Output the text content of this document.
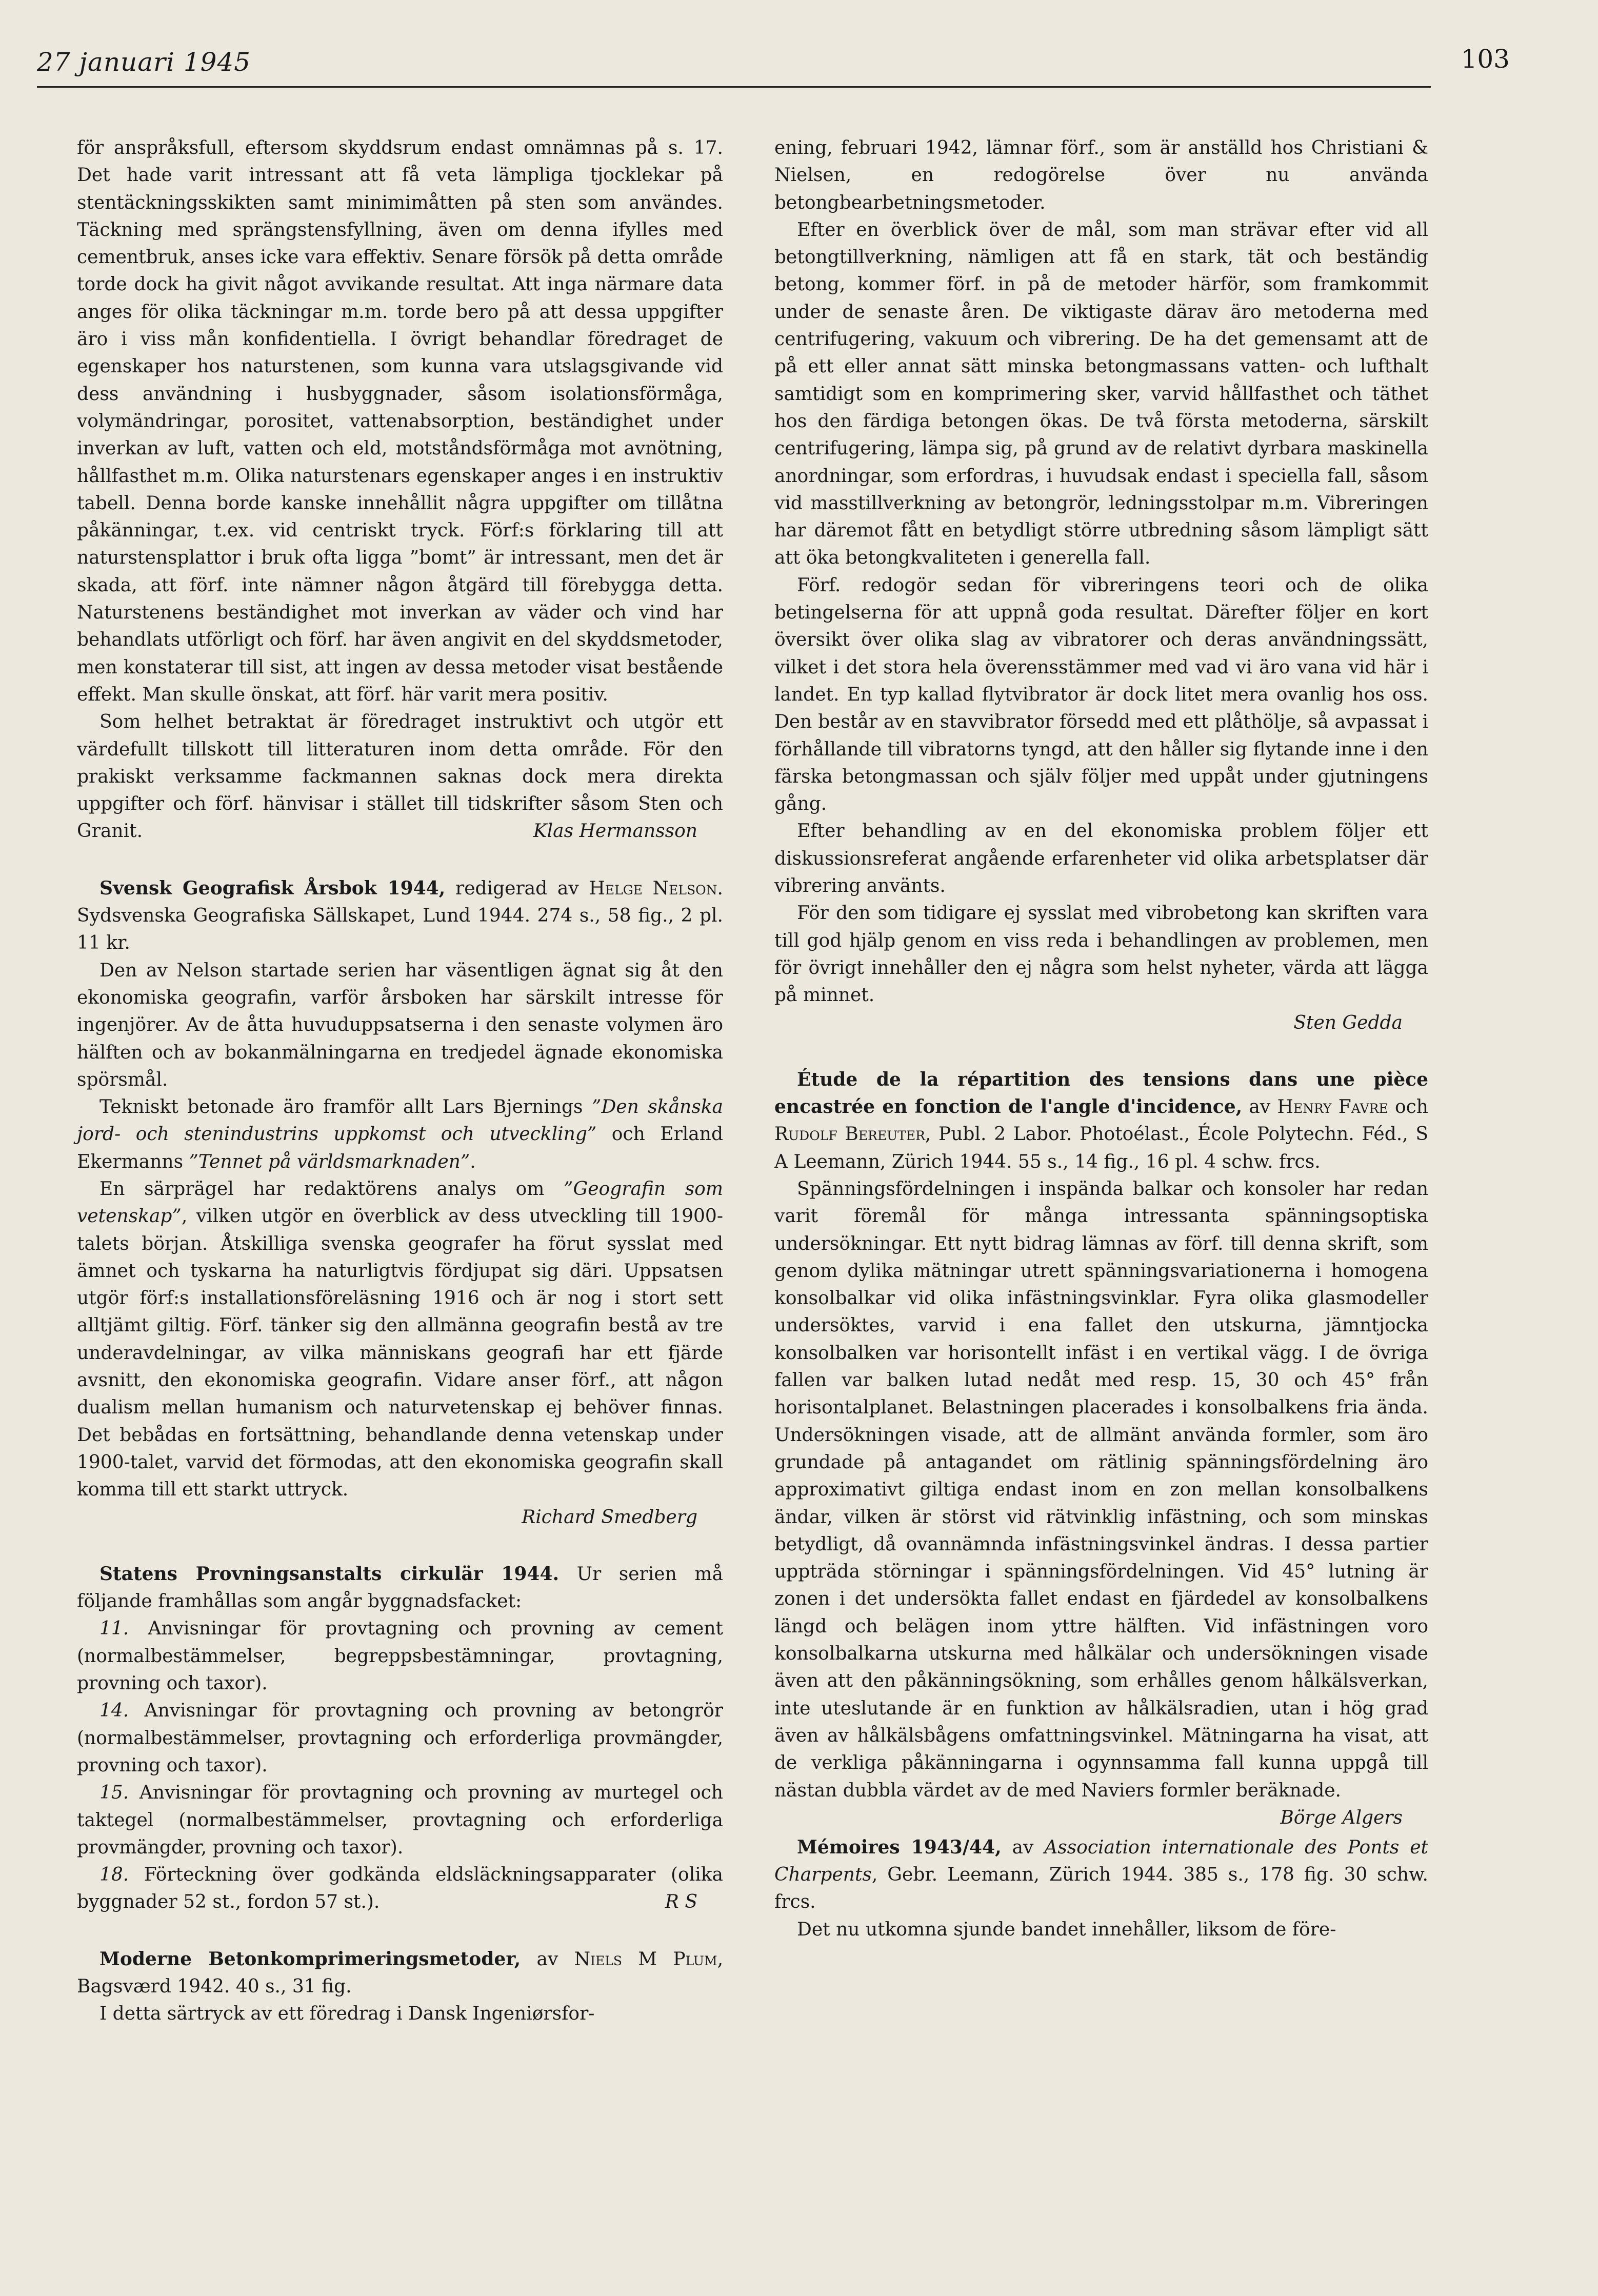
27 januari 1945	103

för anspråksfull, eftersom skyddsrum endast omnämnas på s. 17. Det hade varit intressant att få veta lämpliga tjocklekar på stentäckningsskikten samt minimimåtten på sten som användes. Täckning med sprängstensfyllning, även om denna ifylles med cementbruk, anses icke vara effektiv. Senare försök på detta område torde dock ha givit något avvikande resultat. Att inga närmare data anges för olika täckningar m.m. torde bero på att dessa uppgifter äro i viss mån konfidentiella. I övrigt behandlar föredraget de egenskaper hos naturstenen, som kunna vara utslagsgivande vid dess användning i husbyggnader, såsom isolationsförmåga, volymändringar, porositet, vattenabsorption, beständighet under inverkan av luft, vatten och eld, motståndsförmåga mot avnötning, hållfasthet m.m. Olika naturstenars egenskaper anges i en instruktiv tabell. Denna borde kanske innehållit några uppgifter om tillåtna påkänningar, t.ex. vid centriskt tryck. Förf:s förklaring till att naturstensplattor i bruk ofta ligga ”bomt” är intressant, men det är skada, att förf. inte nämner någon åtgärd till förebygga detta. Naturstenens beständighet mot inverkan av väder och vind har behandlats utförligt och förf. har även angivit en del skyddsmetoder, men konstaterar till sist, att ingen av dessa metoder visat bestående effekt. Man skulle önskat, att förf. här varit mera positiv.

Som helhet betraktat är föredraget instruktivt och utgör ett värdefullt tillskott till litteraturen inom detta område. För den prakiskt verksamme fackmannen saknas dock mera direkta uppgifter och förf. hänvisar i stället till tidskrifter såsom Sten och Granit.	Klas Hermansson

Svensk Geografisk Årsbok 1944, redigerad av Helge Nelson. Sydsvenska Geografiska Sällskapet, Lund 1944. 274 s., 58 fig., 2 pl. 11 kr.

Den av Nelson startade serien har väsentligen ägnat sig åt den ekonomiska geografin, varför årsboken har särskilt intresse för ingenjörer. Av de åtta huvuduppsatserna i den senaste volymen äro hälften och av bokanmälningarna en tredjedel ägnade ekonomiska spörsmål.

Tekniskt betonade äro framför allt Lars Bjernings ”Den skånska jord- och stenindustrins uppkomst och utveckling” och Erland Ekermanns ”Tennet på världsmarknaden”.

En särprägel har redaktörens analys om ”Geografin som vetenskap”, vilken utgör en överblick av dess utveckling till 1900-talets början. Åtskilliga svenska geografer ha förut sysslat med ämnet och tyskarna ha naturligtvis fördjupat sig däri. Uppsatsen utgör förf:s installationsföreläsning 1916 och är nog i stort sett alltjämt giltig. Förf. tänker sig den allmänna geografin bestå av tre underavdelningar, av vilka människans geografi har ett fjärde avsnitt, den ekonomiska geografin. Vidare anser förf., att någon dualism mellan humanism och naturvetenskap ej behöver finnas. Det bebådas en fortsättning, behandlande denna vetenskap under 1900-talet, varvid det förmodas, att den ekonomiska geografin skall komma till ett starkt uttryck.

Richard Smedberg

Statens Provningsanstalts cirkulär 1944. Ur serien må följande framhållas som angår byggnadsfacket:

11. Anvisningar för provtagning och provning av cement (normalbestämmelser, begreppsbestämningar, provtagning, provning och taxor).

14. Anvisningar för provtagning och provning av betongrör (normalbestämmelser, provtagning och erforderliga provmängder, provning och taxor).

15. Anvisningar för provtagning och provning av murtegel och taktegel (normalbestämmelser, provtagning och erforderliga provmängder, provning och taxor).

18. Förteckning över godkända eldsläckningsapparater (olika byggnader 52 st., fordon 57 st.).	R S

Moderne Betonkomprimeringsmetoder, av Niels M Plum, Bagsværd 1942. 40 s., 31 fig.

I detta särtryck av ett föredrag i Dansk Ingeniørsfor-

ening, februari 1942, lämnar förf., som är anställd hos Christiani & Nielsen, en redogörelse över nu använda betongbearbetningsmetoder.

Efter en överblick över de mål, som man strävar efter vid all betongtillverkning, nämligen att få en stark, tät och beständig betong, kommer förf. in på de metoder härför, som framkommit under de senaste åren. De viktigaste därav äro metoderna med centrifugering, vakuum och vibrering. De ha det gemensamt att de på ett eller annat sätt minska betongmassans vatten- och lufthalt samtidigt som en komprimering sker, varvid hållfasthet och täthet hos den färdiga betongen ökas. De två första metoderna, särskilt centrifugering, lämpa sig, på grund av de relativt dyrbara maskinella anordningar, som erfordras, i huvudsak endast i speciella fall, såsom vid masstillverkning av betongrör, ledningsstolpar m.m. Vibreringen har däremot fått en betydligt större utbredning såsom lämpligt sätt att öka betongkvaliteten i generella fall.

Förf. redogör sedan för vibreringens teori och de olika betingelserna för att uppnå goda resultat. Därefter följer en kort översikt över olika slag av vibratorer och deras användningssätt, vilket i det stora hela överensstämmer med vad vi äro vana vid här i landet. En typ kallad flytvibrator är dock litet mera ovanlig hos oss. Den består av en stavvibrator försedd med ett plåthölje, så avpassat i förhållande till vibratorns tyngd, att den håller sig flytande inne i den färska betongmassan och själv följer med uppåt under gjutningens gång.

Efter behandling av en del ekonomiska problem följer ett diskussionsreferat angående erfarenheter vid olika arbetsplatser där vibrering använts.

För den som tidigare ej sysslat med vibrobetong kan skriften vara till god hjälp genom en viss reda i behandlingen av problemen, men för övrigt innehåller den ej några som helst nyheter, värda att lägga på minnet.

Sten Gedda

Étude de la répartition des tensions dans une pièce encastrée en fonction de l'angle d'incidence, av Henry Favre och Rudolf Bereuter, Publ. 2 Labor. Photoélast., École Polytechn. Féd., S A Leemann, Zürich 1944. 55 s., 14 fig., 16 pl. 4 schw. frcs.

Spänningsfördelningen i inspända balkar och konsoler har redan varit föremål för många intressanta spänningsoptiska undersökningar. Ett nytt bidrag lämnas av förf. till denna skrift, som genom dylika mätningar utrett spänningsvariationerna i homogena konsolbalkar vid olika infästningsvinklar. Fyra olika glasmodeller undersöktes, varvid i ena fallet den utskurna, jämntjocka konsolbalken var horisontellt infäst i en vertikal vägg. I de övriga fallen var balken lutad nedåt med resp. 15, 30 och 45° från horisontalplanet. Belastningen placerades i konsolbalkens fria ända. Undersökningen visade, att de allmänt använda formler, som äro grundade på antagandet om rätlinig spänningsfördelning äro approximativt giltiga endast inom en zon mellan konsolbalkens ändar, vilken är störst vid rätvinklig infästning, och som minskas betydligt, då ovannämnda infästningsvinkel ändras. I dessa partier uppträda störningar i spänningsfördelningen. Vid 45° lutning är zonen i det undersökta fallet endast en fjärdedel av konsolbalkens längd och belägen inom yttre hälften. Vid infästningen voro konsolbalkarna utskurna med hålkälar och undersökningen visade även att den påkänningsökning, som erhålles genom hålkälsverkan, inte uteslutande är en funktion av hålkälsradien, utan i hög grad även av hålkälsbågens omfattningsvinkel. Mätningarna ha visat, att de verkliga påkänningarna i ogynnsamma fall kunna uppgå till nästan dubbla värdet av de med Naviers formler beräknade.
Börge Algers

Mémoires 1943/44, av Association internationale des Ponts et Charpents, Gebr. Leemann, Zürich 1944. 385 s., 178 fig. 30 schw. frcs.

Det nu utkomna sjunde bandet innehåller, liksom de före-
